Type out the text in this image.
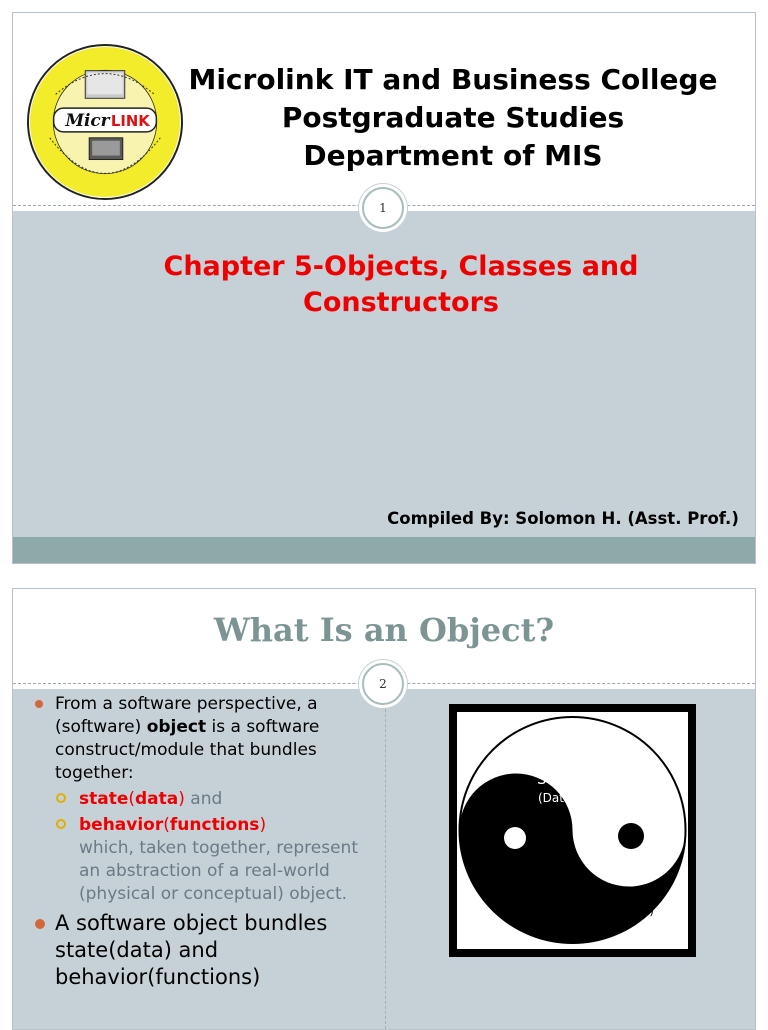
Microlink IT and Business College
Postgraduate Studies
Department of MIS
Micr LINK
1
Chapter 5-Objects, Classes and Constructors
Compiled By: Solomon H. (Asst. Prof.)
What Is an Object?
2
From a software perspective, a (software) object is a software construct/module that bundles together:
state(data) and
behavior(functions)
which, taken together, represent an abstraction of a real-world (physical or conceptual) object.
A software object bundles state(data) and behavior(functions)
State
(Data)
Behavior
(Functions)
